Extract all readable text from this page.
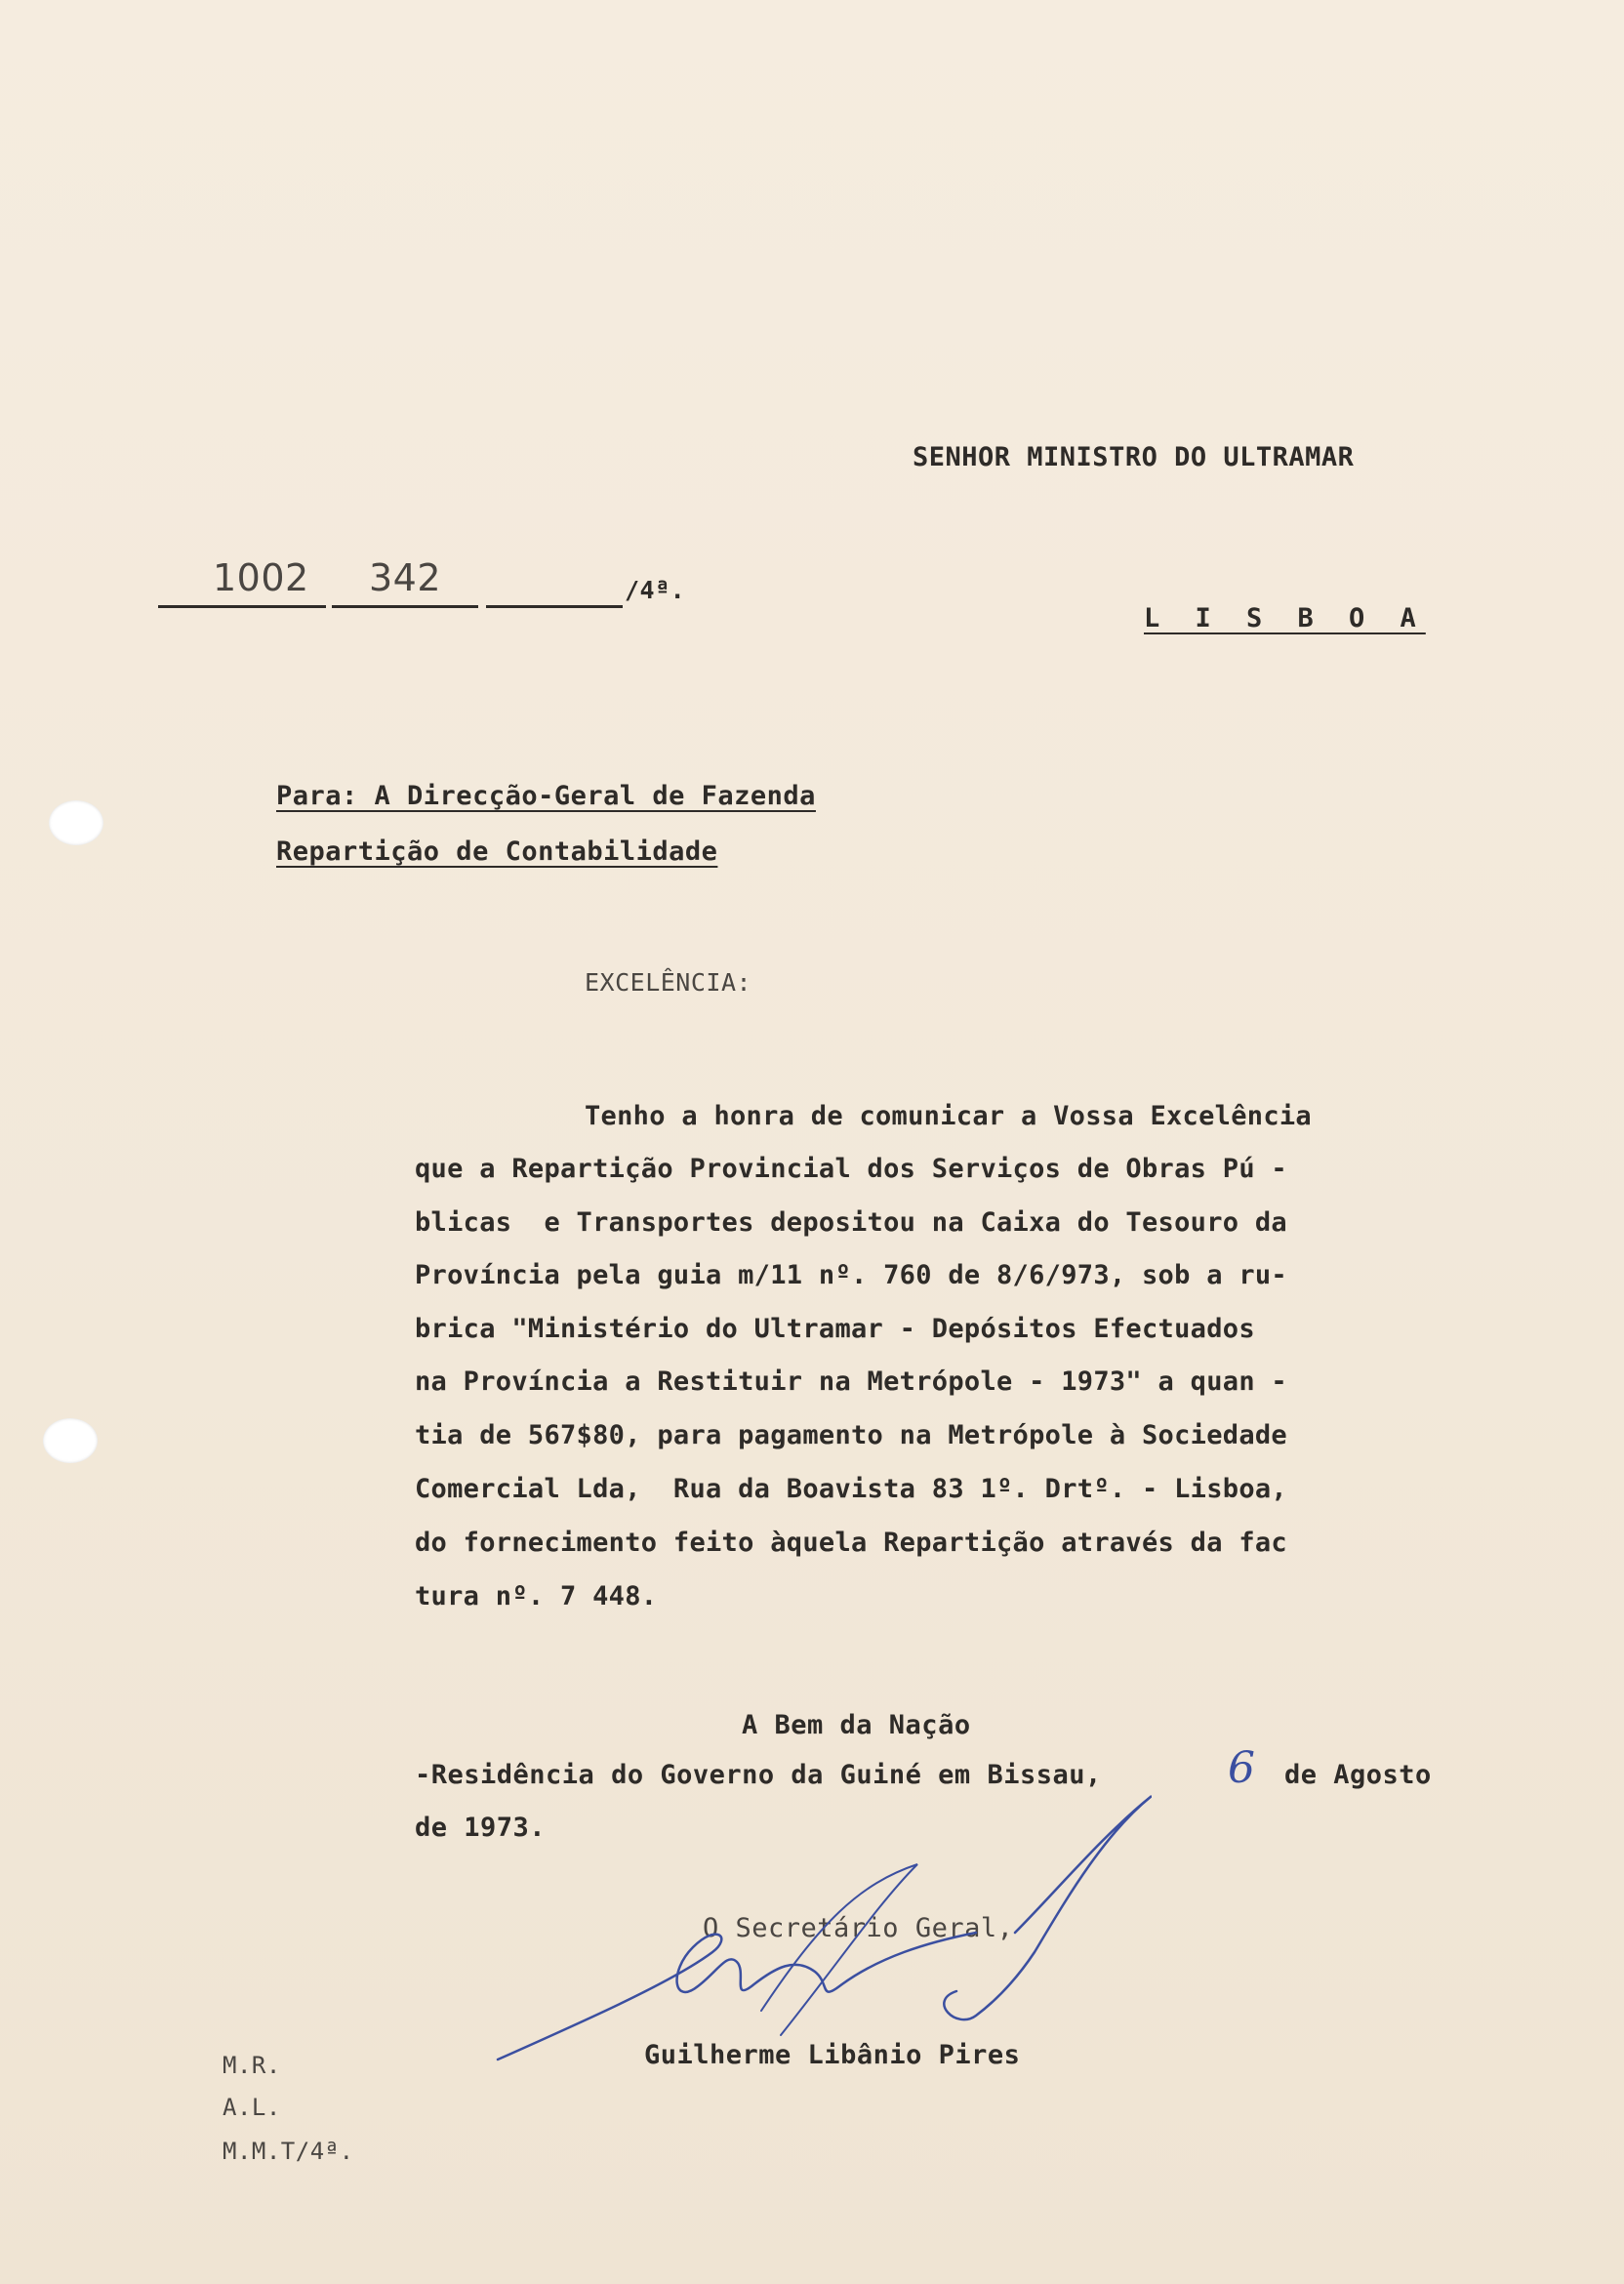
SENHOR MINISTRO DO ULTRAMAR
1002 342	/4ª.
L I S B O A
Para: A Direcção-Geral de Fazenda
Repartição de Contabilidade
EXCELÊNCIA:
Tenho a honra de comunicar a Vossa Excelência
que a Repartição Provincial dos Serviços de Obras Pú -
blicas  e Transportes depositou na Caixa do Tesouro da
Província pela guia m/11 nº. 760 de 8/6/973, sob a ru-
brica "Ministério do Ultramar - Depósitos Efectuados
na Província a Restituir na Metrópole - 1973" a quan -
tia de 567$80, para pagamento na Metrópole à Sociedade
Comercial Lda,  Rua da Boavista 83 1º. Drtº. - Lisboa,
do fornecimento feito àquela Repartição através da fac
tura nº. 7 448.
A Bem da Nação
-Residência do Governo da Guiné em Bissau,	6 de Agosto
de 1973.
O Secretário Geral,
Guilherme Libânio Pires
M.R.
A.L.
M.M.T/4ª.
